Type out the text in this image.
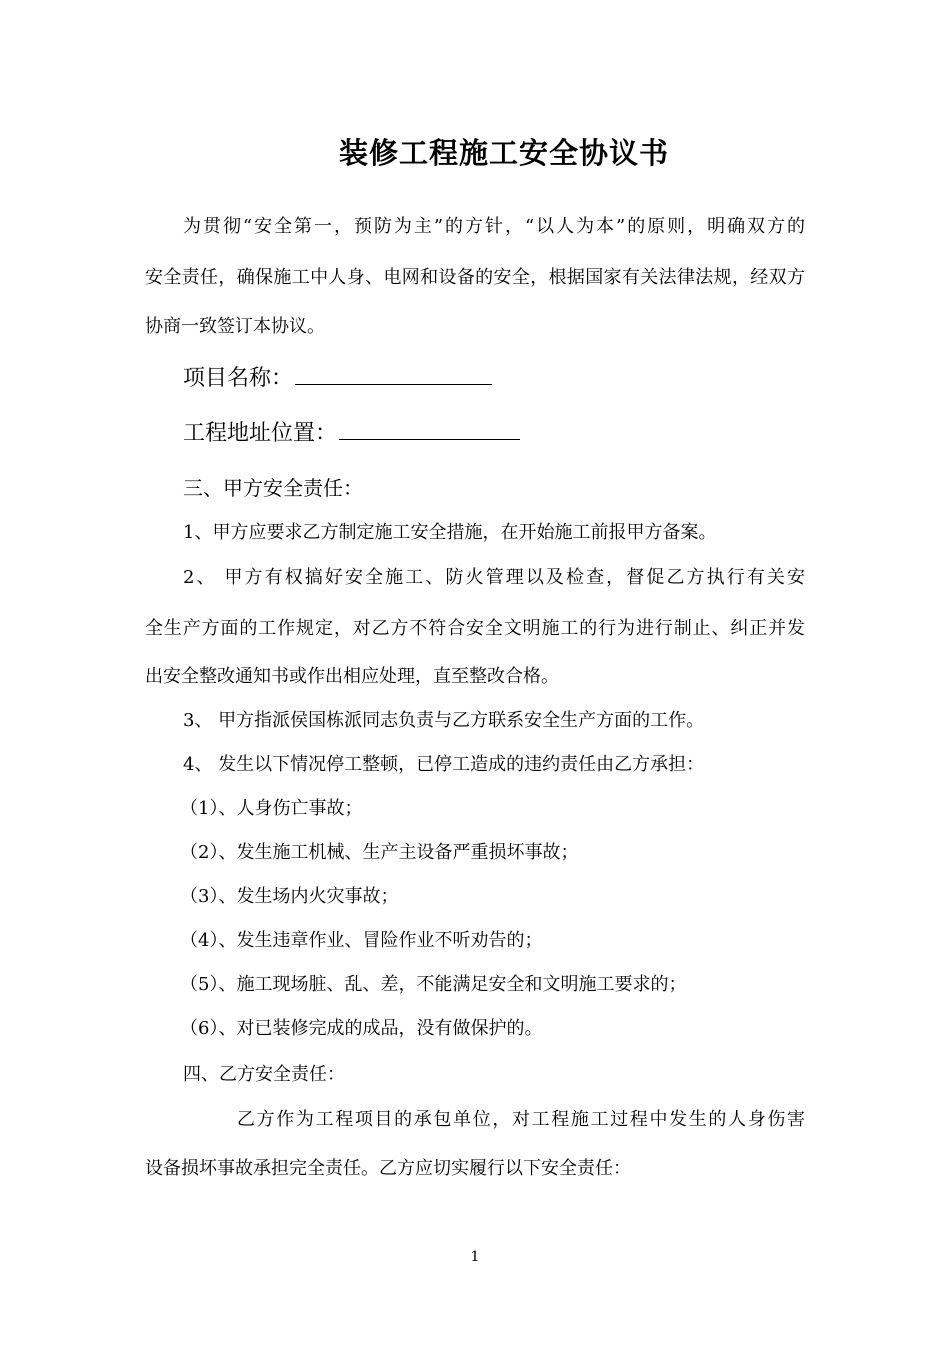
装修工程施工安全协议书
为贯彻“安全第一，预防为主”的方针，“以人为本”的原则，明确双方的
安全责任，确保施工中人身、电网和设备的安全，根据国家有关法律法规，经双方
协商一致签订本协议。
项目名称：
工程地址位置：
三、甲方安全责任：
1、甲方应要求乙方制定施工安全措施，在开始施工前报甲方备案。
2、 甲方有权搞好安全施工、防火管理以及检查，督促乙方执行有关安
全生产方面的工作规定，对乙方不符合安全文明施工的行为进行制止、纠正并发
出安全整改通知书或作出相应处理，直至整改合格。
3、 甲方指派侯国栋派同志负责与乙方联系安全生产方面的工作。
4、 发生以下情况停工整顿，已停工造成的违约责任由乙方承担：
（1）、人身伤亡事故；
（2）、发生施工机械、生产主设备严重损坏事故；
（3）、发生场内火灾事故；
（4）、发生违章作业、冒险作业不听劝告的；
（5）、施工现场脏、乱、差，不能满足安全和文明施工要求的；
（6）、对已装修完成的成品，没有做保护的。
四、乙方安全责任：
乙方作为工程项目的承包单位，对工程施工过程中发生的人身伤害
设备损坏事故承担完全责任。乙方应切实履行以下安全责任：
1
